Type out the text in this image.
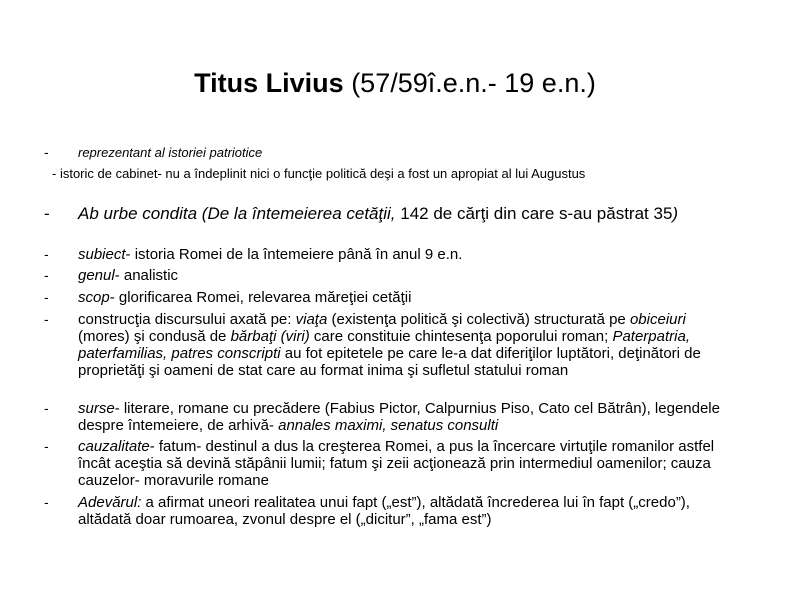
Titus Livius (57/59î.e.n.- 19 e.n.)
-	reprezentant al istoriei patriotice
- istoric de cabinet- nu a îndeplinit nici o funcţie politică deşi a fost un apropiat al lui Augustus
-	Ab urbe condita (De la întemeierea cetăţii, 142 de cărţi din care s-au păstrat 35)
-	subiect- istoria Romei de la întemeiere până în anul 9 e.n.
-	genul- analistic
-	scop- glorificarea Romei, relevarea măreţiei cetăţii
-	construcţia discursului axată pe: viaţa (existenţa politică şi colectivă) structurată pe obiceiuri (mores) şi condusă de bărbaţi (viri) care constituie chintesenţa poporului roman; Paterpatria, paterfamilias, patres conscripti au fot epitetele pe care le-a dat diferiţilor luptători, deţinători de proprietăţi şi oameni de stat care au format inima şi sufletul statului roman
-	surse- literare, romane cu precădere (Fabius Pictor, Calpurnius Piso, Cato cel Bătrân), legendele despre întemeiere, de arhivă- annales maximi, senatus consulti
-	cauzalitate- fatum- destinul a dus la creşterea Romei, a pus la încercare virtuţile romanilor astfel încât aceştia să devină stăpânii lumii; fatum şi zeii acţionează prin intermediul oamenilor; cauza cauzelor- moravurile romane
-	Adevărul: a afirmat uneori realitatea unui fapt („est”), altădată încrederea lui în fapt („credo”), altădată doar rumoarea, zvonul despre el („dicitur”, „fama est”)
